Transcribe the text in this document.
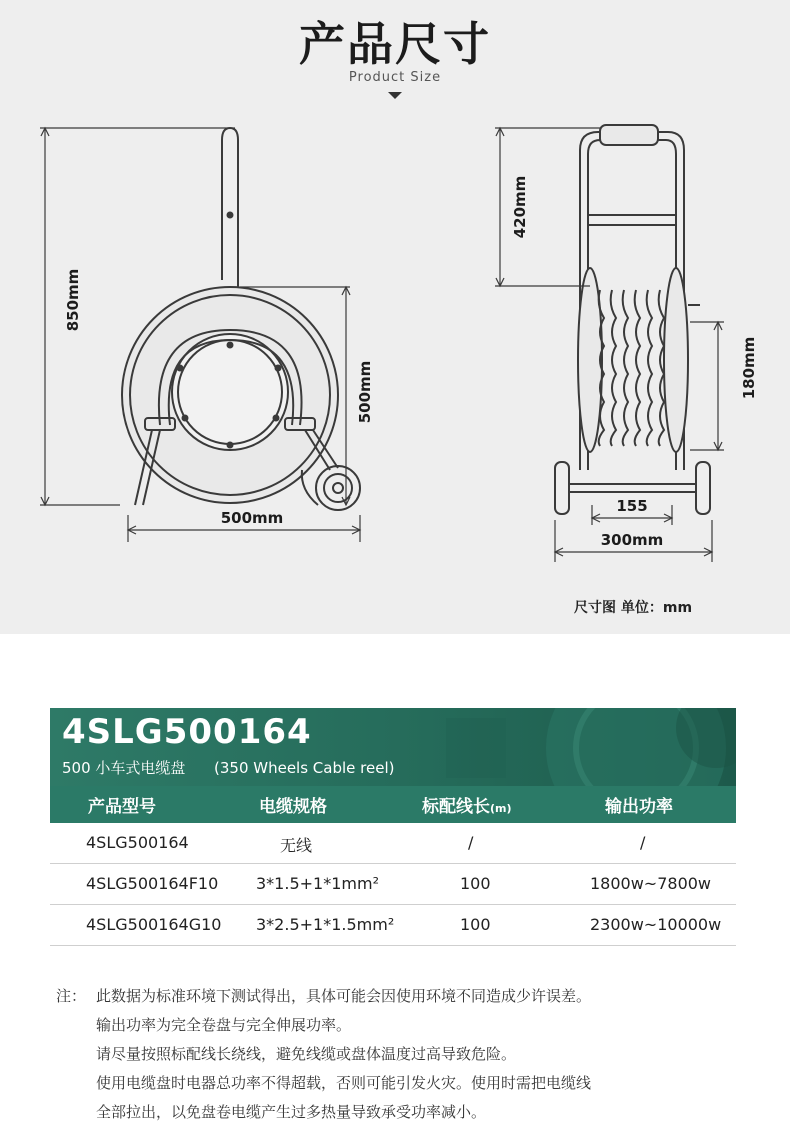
产品尺寸
Product Size
850mm
500mm
500mm
420mm
180mm
155
300mm
尺寸图 单位：mm
4SLG500164
500 小车式电缆盘      (350 Wheels Cable reel)
产品型号	电缆规格	标配线长(m)	输出功率
4SLG500164	无线	/	/
4SLG500164F10 3*1.5+1*1mm²	100	1800w~7800w
4SLG500164G10 3*2.5+1*1.5mm²	100	2300w~10000w
注： 此数据为标准环境下测试得出，具体可能会因使用环境不同造成少许误差。
输出功率为完全卷盘与完全伸展功率。
请尽量按照标配线长绕线，避免线缆或盘体温度过高导致危险。
使用电缆盘时电器总功率不得超载，否则可能引发火灾。使用时需把电缆线
全部拉出，以免盘卷电缆产生过多热量导致承受功率减小。
